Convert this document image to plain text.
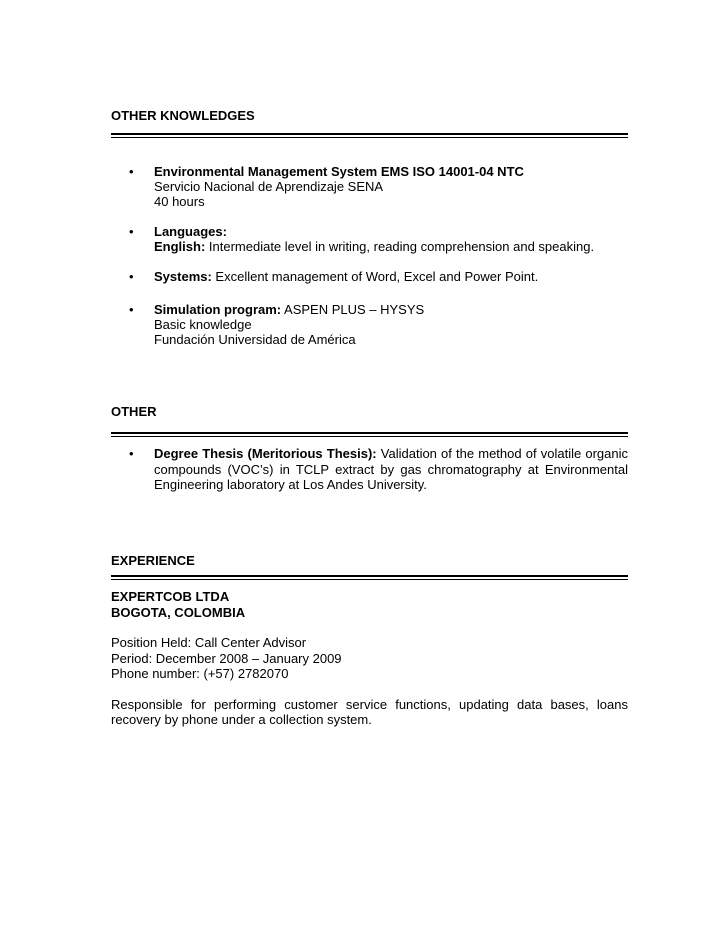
OTHER KNOWLEDGES
• Environmental Management System EMS ISO 14001-04 NTC
Servicio Nacional de Aprendizaje SENA
40 hours
• Languages:
English: Intermediate level in writing, reading comprehension and speaking.
• Systems: Excellent management of Word, Excel and Power Point.
• Simulation program: ASPEN PLUS – HYSYS
Basic knowledge
Fundación Universidad de América
OTHER
• Degree Thesis (Meritorious Thesis): Validation of the method of volatile organic
compounds (VOC’s) in TCLP extract by gas chromatography at Environmental
Engineering laboratory at Los Andes University.
EXPERIENCE
EXPERTCOB LTDA
BOGOTA, COLOMBIA
Position Held: Call Center Advisor
Period: December 2008 – January 2009
Phone number: (+57) 2782070
Responsible for performing customer service functions, updating data bases, loans
recovery by phone under a collection system.
